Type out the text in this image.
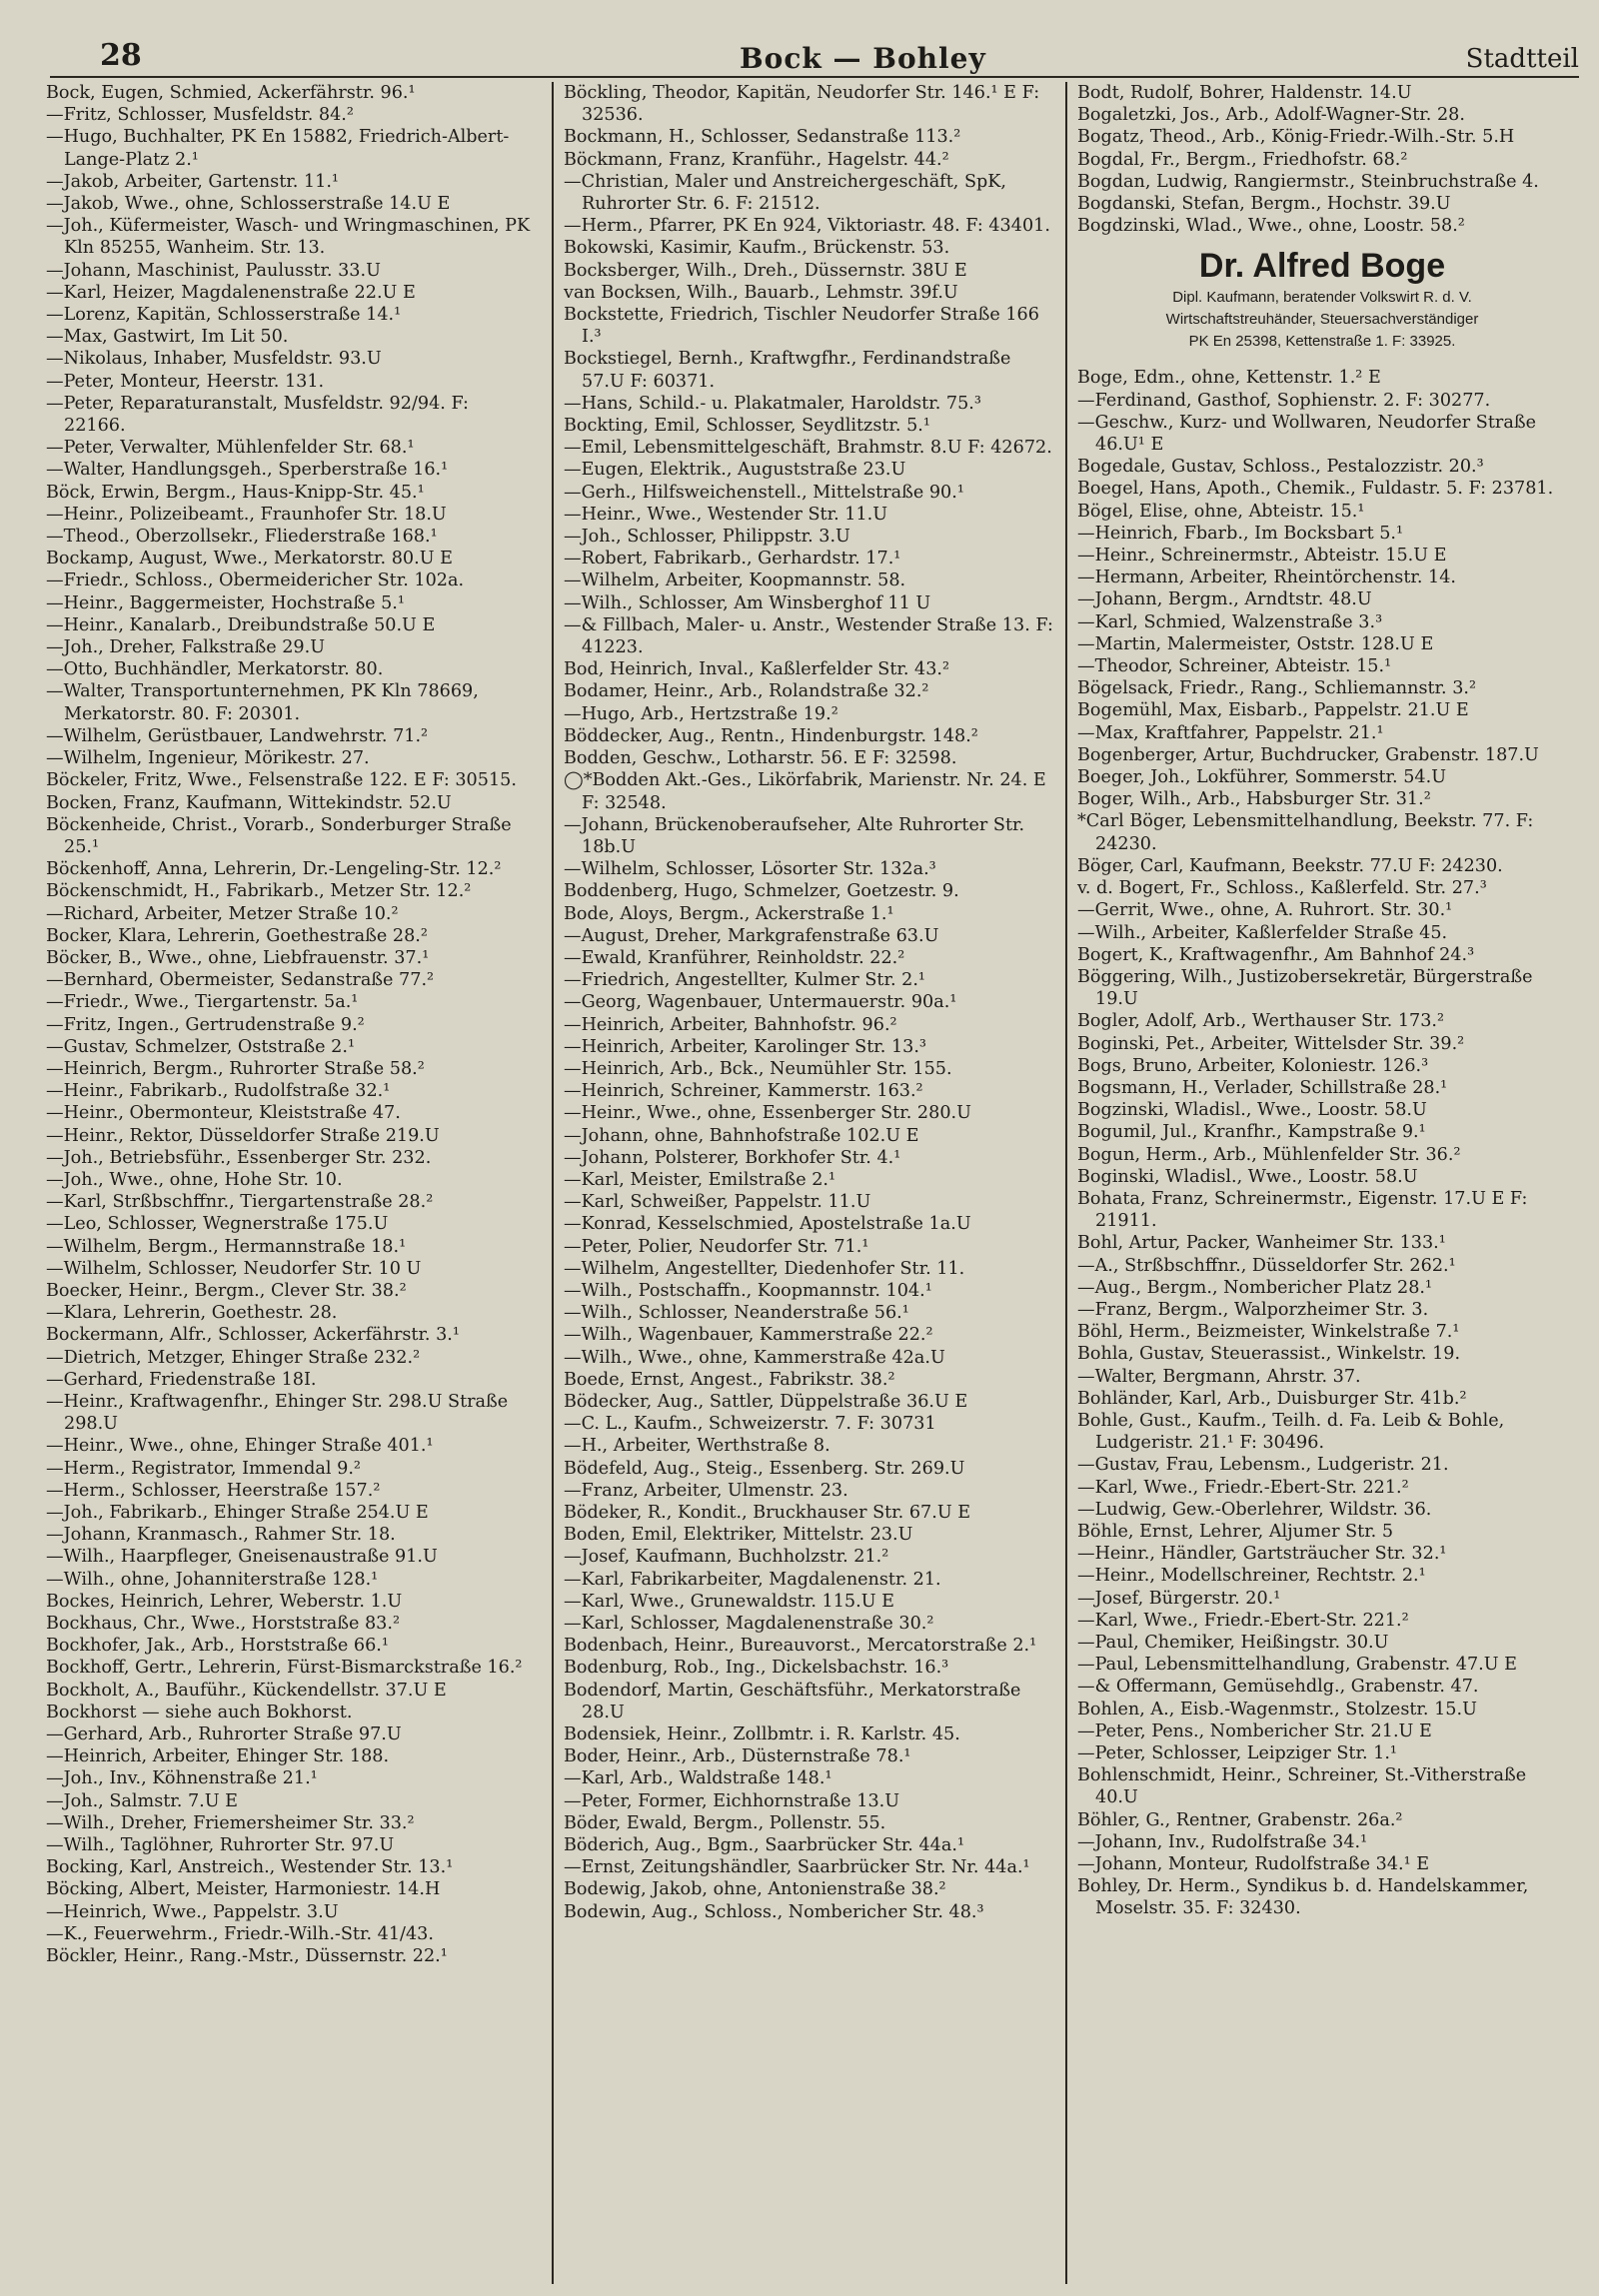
28	Bock — Bohley	Stadtteil
Bock, Eugen, Schmied, Ackerfährstr. 96.¹
—Fritz, Schlosser, Musfeldstr. 84.²
—Hugo, Buchhalter, PK En 15882, Friedrich-Albert-Lange-Platz 2.¹
—Jakob, Arbeiter, Gartenstr. 11.¹
—Jakob, Wwe., ohne, Schlosserstraße 14.U E
—Joh., Küfermeister, Wasch- und Wringmaschinen, PK Kln 85255, Wanheim. Str. 13.
—Johann, Maschinist, Paulusstr. 33.U
—Karl, Heizer, Magdalenenstraße 22.U E
—Lorenz, Kapitän, Schlosserstraße 14.¹
—Max, Gastwirt, Im Lit 50.
—Nikolaus, Inhaber, Musfeldstr. 93.U
—Peter, Monteur, Heerstr. 131.
—Peter, Reparaturanstalt, Musfeldstr. 92/94. F: 22166.
—Peter, Verwalter, Mühlenfelder Str. 68.¹
—Walter, Handlungsgeh., Sperberstraße 16.¹
Böck, Erwin, Bergm., Haus-Knipp-Str. 45.¹
—Heinr., Polizeibeamt., Fraunhofer Str. 18.U
—Theod., Oberzollsekr., Fliederstraße 168.¹
Bockamp, August, Wwe., Merkatorstr. 80.U E
—Friedr., Schloss., Obermeidericher Str. 102a.
—Heinr., Baggermeister, Hochstraße 5.¹
—Heinr., Kanalarb., Dreibundstraße 50.U E
—Joh., Dreher, Falkstraße 29.U
—Otto, Buchhändler, Merkatorstr. 80.
—Walter, Transportunternehmen, PK Kln 78669, Merkatorstr. 80. F: 20301.
—Wilhelm, Gerüstbauer, Landwehrstr. 71.²
—Wilhelm, Ingenieur, Mörikestr. 27.
Böckeler, Fritz, Wwe., Felsenstraße 122. E F: 30515.
Bocken, Franz, Kaufmann, Wittekindstr. 52.U
Böckenheide, Christ., Vorarb., Sonderburger Straße 25.¹
Böckenhoff, Anna, Lehrerin, Dr.-Lengeling-Str. 12.²
Böckenschmidt, H., Fabrikarb., Metzer Str. 12.²
—Richard, Arbeiter, Metzer Straße 10.²
Bocker, Klara, Lehrerin, Goethestraße 28.²
Böcker, B., Wwe., ohne, Liebfrauenstr. 37.¹
—Bernhard, Obermeister, Sedanstraße 77.²
—Friedr., Wwe., Tiergartenstr. 5a.¹
—Fritz, Ingen., Gertrudenstraße 9.²
—Gustav, Schmelzer, Oststraße 2.¹
—Heinrich, Bergm., Ruhrorter Straße 58.²
—Heinr., Fabrikarb., Rudolfstraße 32.¹
—Heinr., Obermonteur, Kleiststraße 47.
—Heinr., Rektor, Düsseldorfer Straße 219.U
—Joh., Betriebsführ., Essenberger Str. 232.
—Joh., Wwe., ohne, Hohe Str. 10.
—Karl, Strßbschffnr., Tiergartenstraße 28.²
—Leo, Schlosser, Wegnerstraße 175.U
—Wilhelm, Bergm., Hermannstraße 18.¹
—Wilhelm, Schlosser, Neudorfer Str. 10 U
Boecker, Heinr., Bergm., Clever Str. 38.²
—Klara, Lehrerin, Goethestr. 28.
Bockermann, Alfr., Schlosser, Ackerfährstr. 3.¹
—Dietrich, Metzger, Ehinger Straße 232.²
—Gerhard, Friedenstraße 18I.
—Heinr., Kraftwagenfhr., Ehinger Str. 298.U Straße 298.U
—Heinr., Wwe., ohne, Ehinger Straße 401.¹
—Herm., Registrator, Immendal 9.²
—Herm., Schlosser, Heerstraße 157.²
—Joh., Fabrikarb., Ehinger Straße 254.U E
—Johann, Kranmasch., Rahmer Str. 18.
—Wilh., Haarpfleger, Gneisenaustraße 91.U
—Wilh., ohne, Johanniterstraße 128.¹
Bockes, Heinrich, Lehrer, Weberstr. 1.U
Bockhaus, Chr., Wwe., Horststraße 83.²
Bockhofer, Jak., Arb., Horststraße 66.¹
Bockhoff, Gertr., Lehrerin, Fürst-Bismarckstraße 16.²
Bockholt, A., Bauführ., Kückendellstr. 37.U E
Bockhorst — siehe auch Bokhorst.
—Gerhard, Arb., Ruhrorter Straße 97.U
—Heinrich, Arbeiter, Ehinger Str. 188.
—Joh., Inv., Köhnenstraße 21.¹
—Joh., Salmstr. 7.U E
—Wilh., Dreher, Friemersheimer Str. 33.²
—Wilh., Taglöhner, Ruhrorter Str. 97.U
Bocking, Karl, Anstreich., Westender Str. 13.¹
Böcking, Albert, Meister, Harmoniestr. 14.H
—Heinrich, Wwe., Pappelstr. 3.U
—K., Feuerwehrm., Friedr.-Wilh.-Str. 41/43.
Böckler, Heinr., Rang.-Mstr., Düssernstr. 22.¹
Böckling, Theodor, Kapitän, Neudorfer Str. 146.¹ E F: 32536.
Bockmann, H., Schlosser, Sedanstraße 113.²
Böckmann, Franz, Kranführ., Hagelstr. 44.²
—Christian, Maler und Anstreichergeschäft, SpK, Ruhrorter Str. 6. F: 21512.
—Herm., Pfarrer, PK En 924, Viktoriastr. 48. F: 43401.
Bokowski, Kasimir, Kaufm., Brückenstr. 53.
Bocksberger, Wilh., Dreh., Düssernstr. 38U E
van Bocksen, Wilh., Bauarb., Lehmstr. 39f.U
Bockstette, Friedrich, Tischler Neudorfer Straße 166 I.³
Bockstiegel, Bernh., Kraftwgfhr., Ferdinandstraße 57.U F: 60371.
—Hans, Schild.- u. Plakatmaler, Haroldstr. 75.³
Bockting, Emil, Schlosser, Seydlitzstr. 5.¹
—Emil, Lebensmittelgeschäft, Brahmstr. 8.U F: 42672.
—Eugen, Elektrik., Auguststraße 23.U
—Gerh., Hilfsweichenstell., Mittelstraße 90.¹
—Heinr., Wwe., Westender Str. 11.U
—Joh., Schlosser, Philippstr. 3.U
—Robert, Fabrikarb., Gerhardstr. 17.¹
—Wilhelm, Arbeiter, Koopmannstr. 58.
—Wilh., Schlosser, Am Winsberghof 11 U
—& Fillbach, Maler- u. Anstr., Westender Straße 13. F: 41223.
Bod, Heinrich, Inval., Kaßlerfelder Str. 43.²
Bodamer, Heinr., Arb., Rolandstraße 32.²
—Hugo, Arb., Hertzstraße 19.²
Böddecker, Aug., Rentn., Hindenburgstr. 148.²
Bodden, Geschw., Lotharstr. 56. E F: 32598.
◯*Bodden Akt.-Ges., Likörfabrik, Marienstr. Nr. 24. E F: 32548.
—Johann, Brückenoberaufseher, Alte Ruhrorter Str. 18b.U
—Wilhelm, Schlosser, Lösorter Str. 132a.³
Boddenberg, Hugo, Schmelzer, Goetzestr. 9.
Bode, Aloys, Bergm., Ackerstraße 1.¹
—August, Dreher, Markgrafenstraße 63.U
—Ewald, Kranführer, Reinholdstr. 22.²
—Friedrich, Angestellter, Kulmer Str. 2.¹
—Georg, Wagenbauer, Untermauerstr. 90a.¹
—Heinrich, Arbeiter, Bahnhofstr. 96.²
—Heinrich, Arbeiter, Karolinger Str. 13.³
—Heinrich, Arb., Bck., Neumühler Str. 155.
—Heinrich, Schreiner, Kammerstr. 163.²
—Heinr., Wwe., ohne, Essenberger Str. 280.U
—Johann, ohne, Bahnhofstraße 102.U E
—Johann, Polsterer, Borkhofer Str. 4.¹
—Karl, Meister, Emilstraße 2.¹
—Karl, Schweißer, Pappelstr. 11.U
—Konrad, Kesselschmied, Apostelstraße 1a.U
—Peter, Polier, Neudorfer Str. 71.¹
—Wilhelm, Angestellter, Diedenhofer Str. 11.
—Wilh., Postschaffn., Koopmannstr. 104.¹
—Wilh., Schlosser, Neanderstraße 56.¹
—Wilh., Wagenbauer, Kammerstraße 22.²
—Wilh., Wwe., ohne, Kammerstraße 42a.U
Boede, Ernst, Angest., Fabrikstr. 38.²
Bödecker, Aug., Sattler, Düppelstraße 36.U E
—C. L., Kaufm., Schweizerstr. 7. F: 30731
—H., Arbeiter, Werthstraße 8.
Bödefeld, Aug., Steig., Essenberg. Str. 269.U
—Franz, Arbeiter, Ulmenstr. 23.
Bödeker, R., Kondit., Bruckhauser Str. 67.U E
Boden, Emil, Elektriker, Mittelstr. 23.U
—Josef, Kaufmann, Buchholzstr. 21.²
—Karl, Fabrikarbeiter, Magdalenenstr. 21.
—Karl, Wwe., Grunewaldstr. 115.U E
—Karl, Schlosser, Magdalenenstraße 30.²
Bodenbach, Heinr., Bureauvorst., Mercatorstraße 2.¹
Bodenburg, Rob., Ing., Dickelsbachstr. 16.³
Bodendorf, Martin, Geschäftsführ., Merkatorstraße 28.U
Bodensiek, Heinr., Zollbmtr. i. R. Karlstr. 45.
Boder, Heinr., Arb., Düsternstraße 78.¹
—Karl, Arb., Waldstraße 148.¹
—Peter, Former, Eichhornstraße 13.U
Böder, Ewald, Bergm., Pollenstr. 55.
Böderich, Aug., Bgm., Saarbrücker Str. 44a.¹
—Ernst, Zeitungshändler, Saarbrücker Str. Nr. 44a.¹
Bodewig, Jakob, ohne, Antonienstraße 38.²
Bodewin, Aug., Schloss., Nombericher Str. 48.³
Bodt, Rudolf, Bohrer, Haldenstr. 14.U
Bogaletzki, Jos., Arb., Adolf-Wagner-Str. 28.
Bogatz, Theod., Arb., König-Friedr.-Wilh.-Str. 5.H
Bogdal, Fr., Bergm., Friedhofstr. 68.²
Bogdan, Ludwig, Rangiermstr., Steinbruchstraße 4.
Bogdanski, Stefan, Bergm., Hochstr. 39.U
Bogdzinski, Wlad., Wwe., ohne, Loostr. 58.²
Dr. Alfred Boge
Dipl. Kaufmann, beratender Volkswirt R. d. V.
Wirtschaftstreuhänder, Steuersachverständiger
PK En 25398, Kettenstraße 1. F: 33925.
Boge, Edm., ohne, Kettenstr. 1.² E
—Ferdinand, Gasthof, Sophienstr. 2. F: 30277.
—Geschw., Kurz- und Wollwaren, Neudorfer Straße 46.U¹ E
Bogedale, Gustav, Schloss., Pestalozzistr. 20.³
Boegel, Hans, Apoth., Chemik., Fuldastr. 5. F: 23781.
Bögel, Elise, ohne, Abteistr. 15.¹
—Heinrich, Fbarb., Im Bocksbart 5.¹
—Heinr., Schreinermstr., Abteistr. 15.U E
—Hermann, Arbeiter, Rheintörchenstr. 14.
—Johann, Bergm., Arndtstr. 48.U
—Karl, Schmied, Walzenstraße 3.³
—Martin, Malermeister, Oststr. 128.U E
—Theodor, Schreiner, Abteistr. 15.¹
Bögelsack, Friedr., Rang., Schliemannstr. 3.²
Bogemühl, Max, Eisbarb., Pappelstr. 21.U E
—Max, Kraftfahrer, Pappelstr. 21.¹
Bogenberger, Artur, Buchdrucker, Grabenstr. 187.U
Boeger, Joh., Lokführer, Sommerstr. 54.U
Boger, Wilh., Arb., Habsburger Str. 31.²
*Carl Böger, Lebensmittelhandlung, Beekstr. 77. F: 24230.
Böger, Carl, Kaufmann, Beekstr. 77.U F: 24230.
v. d. Bogert, Fr., Schloss., Kaßlerfeld. Str. 27.³
—Gerrit, Wwe., ohne, A. Ruhrort. Str. 30.¹
—Wilh., Arbeiter, Kaßlerfelder Straße 45.
Bogert, K., Kraftwagenfhr., Am Bahnhof 24.³
Böggering, Wilh., Justizobersekretär, Bürgerstraße 19.U
Bogler, Adolf, Arb., Werthauser Str. 173.²
Boginski, Pet., Arbeiter, Wittelsder Str. 39.²
Bogs, Bruno, Arbeiter, Koloniestr. 126.³
Bogsmann, H., Verlader, Schillstraße 28.¹
Bogzinski, Wladisl., Wwe., Loostr. 58.U
Bogumil, Jul., Kranfhr., Kampstraße 9.¹
Bogun, Herm., Arb., Mühlenfelder Str. 36.²
Boginski, Wladisl., Wwe., Loostr. 58.U
Bohata, Franz, Schreinermstr., Eigenstr. 17.U E F: 21911.
Bohl, Artur, Packer, Wanheimer Str. 133.¹
—A., Strßbschffnr., Düsseldorfer Str. 262.¹
—Aug., Bergm., Nombericher Platz 28.¹
—Franz, Bergm., Walporzheimer Str. 3.
Böhl, Herm., Beizmeister, Winkelstraße 7.¹
Bohla, Gustav, Steuerassist., Winkelstr. 19.
—Walter, Bergmann, Ahrstr. 37.
Bohländer, Karl, Arb., Duisburger Str. 41b.²
Bohle, Gust., Kaufm., Teilh. d. Fa. Leib & Bohle, Ludgeristr. 21.¹ F: 30496.
—Gustav, Frau, Lebensm., Ludgeristr. 21.
—Karl, Wwe., Friedr.-Ebert-Str. 221.²
—Ludwig, Gew.-Oberlehrer, Wildstr. 36.
Böhle, Ernst, Lehrer, Aljumer Str. 5
—Heinr., Händler, Gartsträucher Str. 32.¹
—Heinr., Modellschreiner, Rechtstr. 2.¹
—Josef, Bürgerstr. 20.¹
—Karl, Wwe., Friedr.-Ebert-Str. 221.²
—Paul, Chemiker, Heißingstr. 30.U
—Paul, Lebensmittelhandlung, Grabenstr. 47.U E
—& Offermann, Gemüsehdlg., Grabenstr. 47.
Bohlen, A., Eisb.-Wagenmstr., Stolzestr. 15.U
—Peter, Pens., Nombericher Str. 21.U E
—Peter, Schlosser, Leipziger Str. 1.¹
Bohlenschmidt, Heinr., Schreiner, St.-Vitherstraße 40.U
Böhler, G., Rentner, Grabenstr. 26a.²
—Johann, Inv., Rudolfstraße 34.¹
—Johann, Monteur, Rudolfstraße 34.¹ E
Bohley, Dr. Herm., Syndikus b. d. Handelskammer, Moselstr. 35. F: 32430.
